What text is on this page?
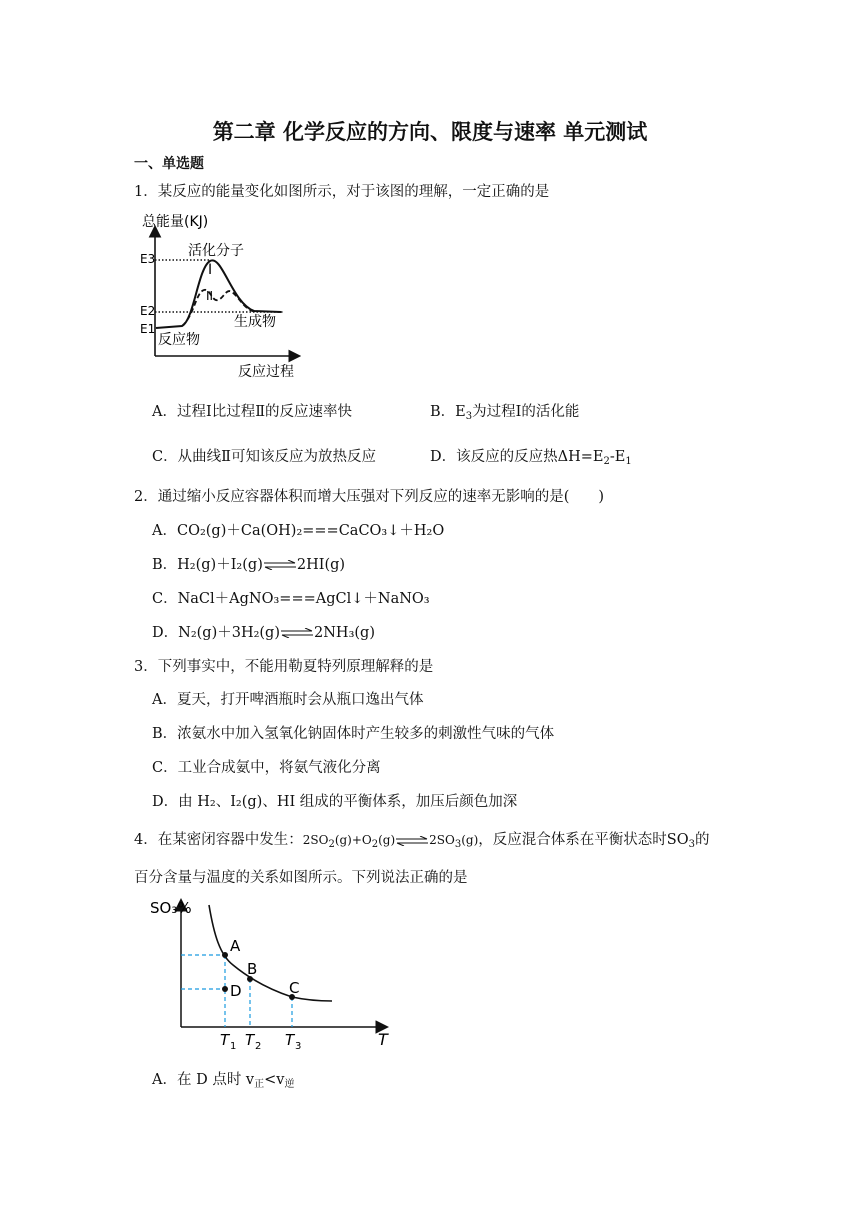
第二章 化学反应的方向、限度与速率 单元测试
一、单选题
1．某反应的能量变化如图所示，对于该图的理解，一定正确的是
总能量(KJ)
活化分子
I
II
生成物
反应物
反应过程
E3
E2
E1
A．过程Ⅰ比过程Ⅱ的反应速率快	B．$E_3$为过程Ⅰ的活化能
C．从曲线Ⅱ可知该反应为放热反应	D．该反应的反应热$\Delta H=E_2-E_1$
2．通过缩小反应容器体积而增大压强对下列反应的速率无影响的是(　　)
A．CO₂(g)＋Ca(OH)₂===CaCO₃↓＋H₂O
B．H₂(g)＋I₂(g)⇌2HI(g)
C．NaCl＋AgNO₃===AgCl↓＋NaNO₃
D．N₂(g)＋3H₂(g)⇌2NH₃(g)
3．下列事实中，不能用勒夏特列原理解释的是
A．夏天，打开啤酒瓶时会从瓶口逸出气体
B．浓氨水中加入氢氧化钠固体时产生较多的刺激性气味的气体
C．工业合成氨中，将氨气液化分离
D．由 H₂、I₂(g)、HI 组成的平衡体系，加压后颜色加深
4．在某密闭容器中发生：$2SO_2(g)+O_2(g)\rightleftharpoons 2SO_3(g)$，反应混合体系在平衡状态时$SO_3$的
百分含量与温度的关系如图所示。下列说法正确的是
A
B
C
D
SO₃%
T
T 1 T 2 T 3
A．在 D 点时 $v_正<v_逆$
